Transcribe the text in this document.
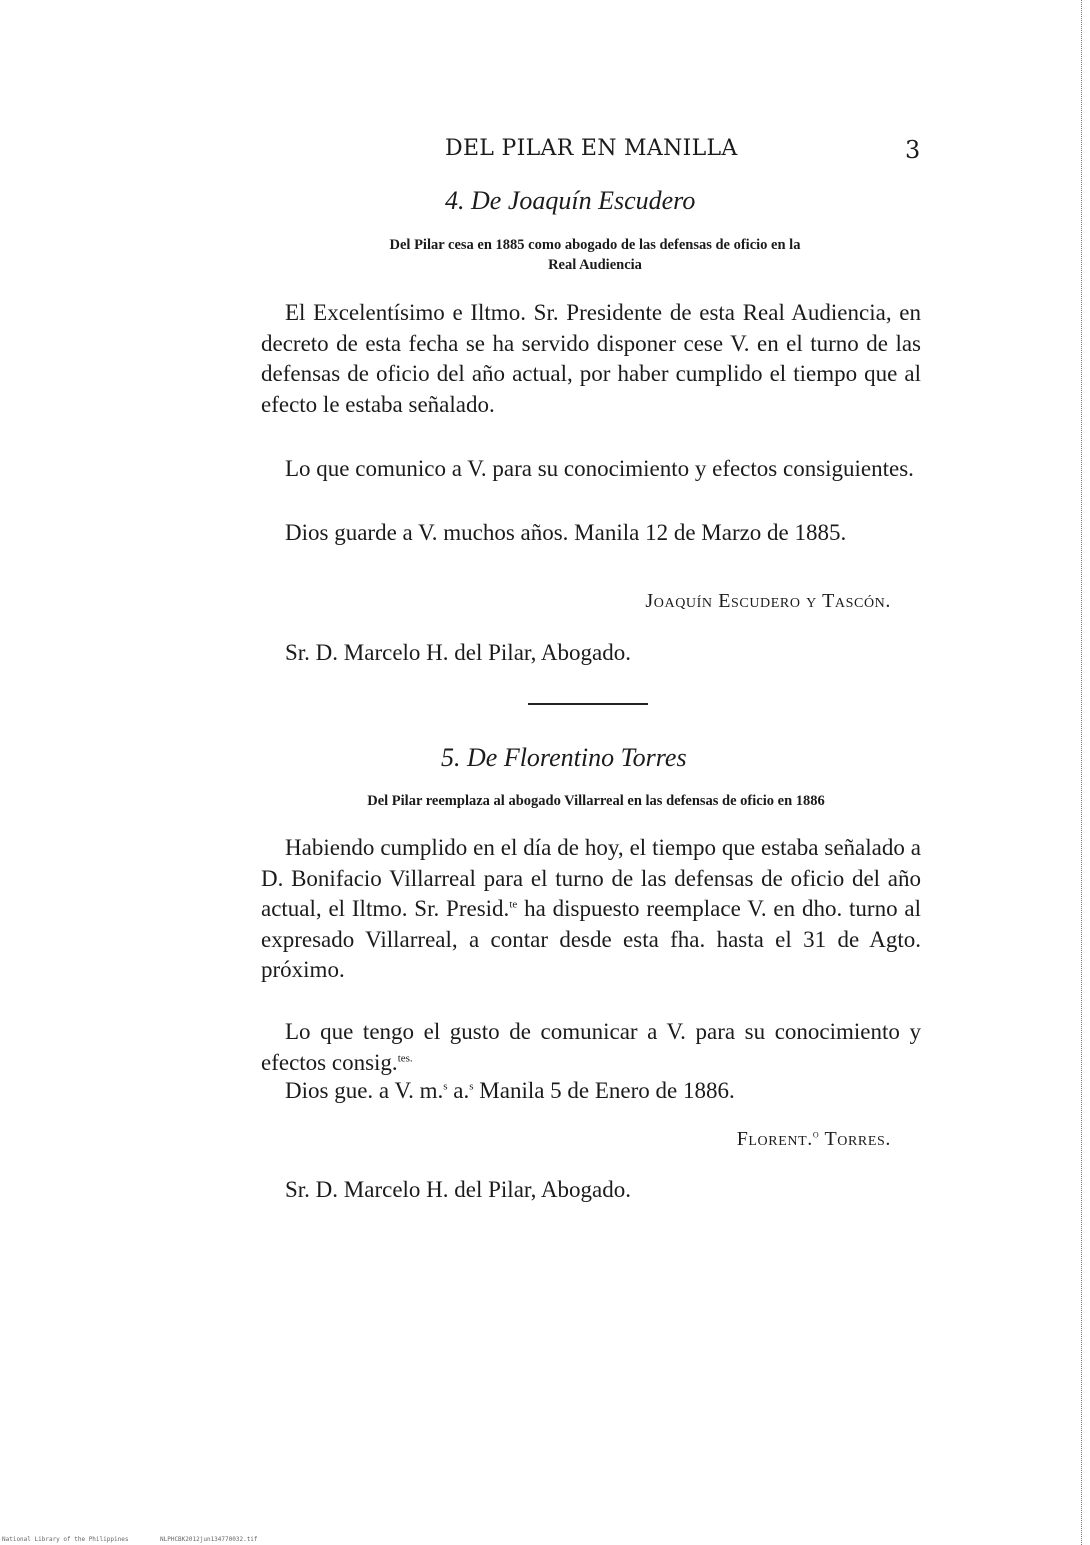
DEL PILAR EN MANILLA	3
4. De Joaquín Escudero
Del Pilar cesa en 1885 como abogado de las defensas de oficio en la
Real Audiencia

El Excelentísimo e Iltmo. Sr. Presidente de esta Real Audiencia, en decreto de esta fecha se ha servido disponer cese V. en el turno de las defensas de oficio del año actual, por haber cumplido el tiempo que al efecto le estaba señalado.

Lo que comunico a V. para su conocimiento y efectos consiguientes.

Dios guarde a V. muchos años. Manila 12 de Marzo de 1885.

Joaquín Escudero y Tascón.
Sr. D. Marcelo H. del Pilar, Abogado.
5. De Florentino Torres
Del Pilar reemplaza al abogado Villarreal en las defensas de oficio en 1886

Habiendo cumplido en el día de hoy, el tiempo que estaba señalado a D. Bonifacio Villarreal para el turno de las defensas de oficio del año actual, el Iltmo. Sr. Presid.$^{te}$ ha dispuesto reemplace V. en dho. turno al expresado Villarreal, a contar desde esta fha. hasta el 31 de Agto. próximo.

Lo que tengo el gusto de comunicar a V. para su conocimiento y efectos consig.$^{tes.}$

Dios gue. a V. m.$^s$ a.$^s$ Manila 5 de Enero de 1886.

Florent.$^o$ Torres.
Sr. D. Marcelo H. del Pilar, Abogado.
National Library of the Philippines	NLPHCBK2012jun134770032.tif
